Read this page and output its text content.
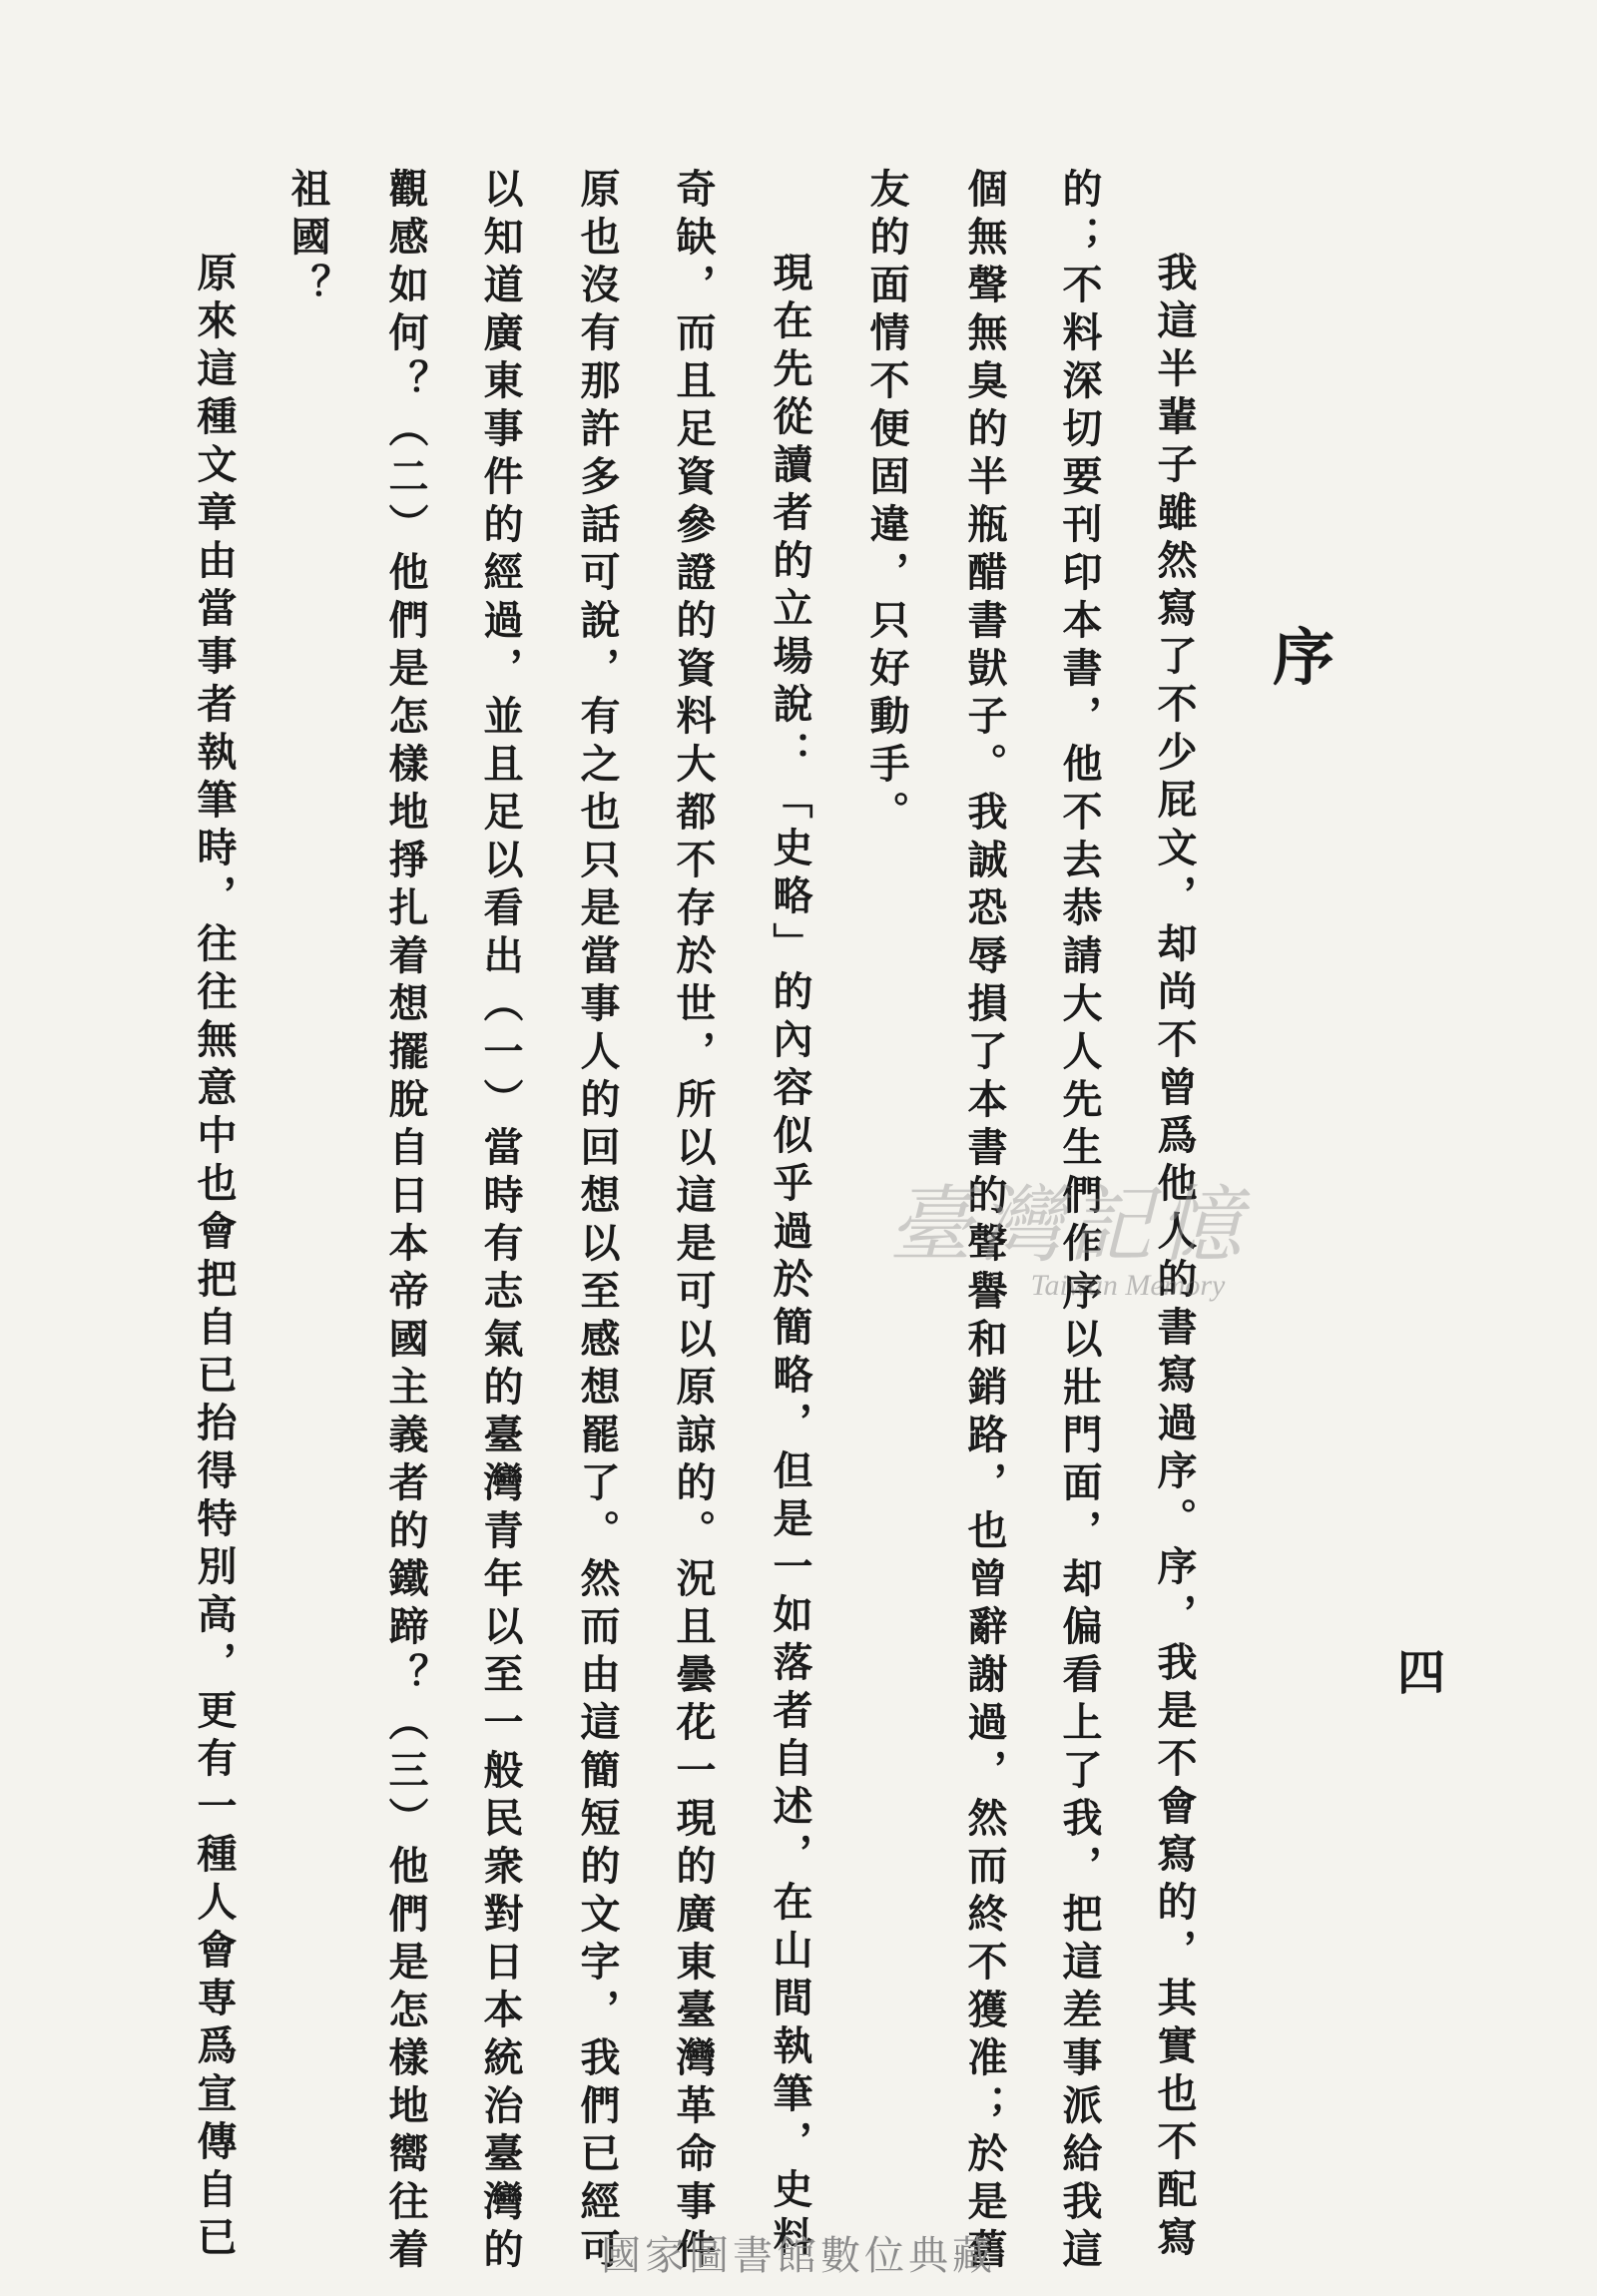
序
四
我這半輩子雖然寫了不少屁文，却尚不曾爲他人的書寫過序。序，我是不會寫的，其實也不配寫
的；不料深切要刊印本書，他不去恭請大人先生們作序以壯門面，却偏看上了我，把這差事派給我這
個無聲無臭的半瓶醋書獃子。我誠恐辱損了本書的聲譽和銷路，也曾辭謝過，然而終不獲准；於是舊
友的面情不便固違，只好動手。
現在先從讀者的立場說：「史略」的內容似乎過於簡略，但是一如落者自述，在山間執筆，史料
奇缺，而且足資參證的資料大都不存於世，所以這是可以原諒的。況且曇花一現的廣東臺灣革命事件
原也沒有那許多話可說，有之也只是當事人的回想以至感想罷了。然而由這簡短的文字，我們已經可
以知道廣東事件的經過，並且足以看出（一）當時有志氣的臺灣青年以至一般民衆對日本統治臺灣的
觀感如何？（二）他們是怎樣地掙扎着想擺脫自日本帝國主義者的鐵蹄？（三）他們是怎樣地嚮往着
祖國？
原來這種文章由當事者執筆時，往往無意中也會把自已抬得特別高，更有一種人會専爲宣傳自已	臺灣記憶
Taiwan Memory
國家圖書館數位典藏
